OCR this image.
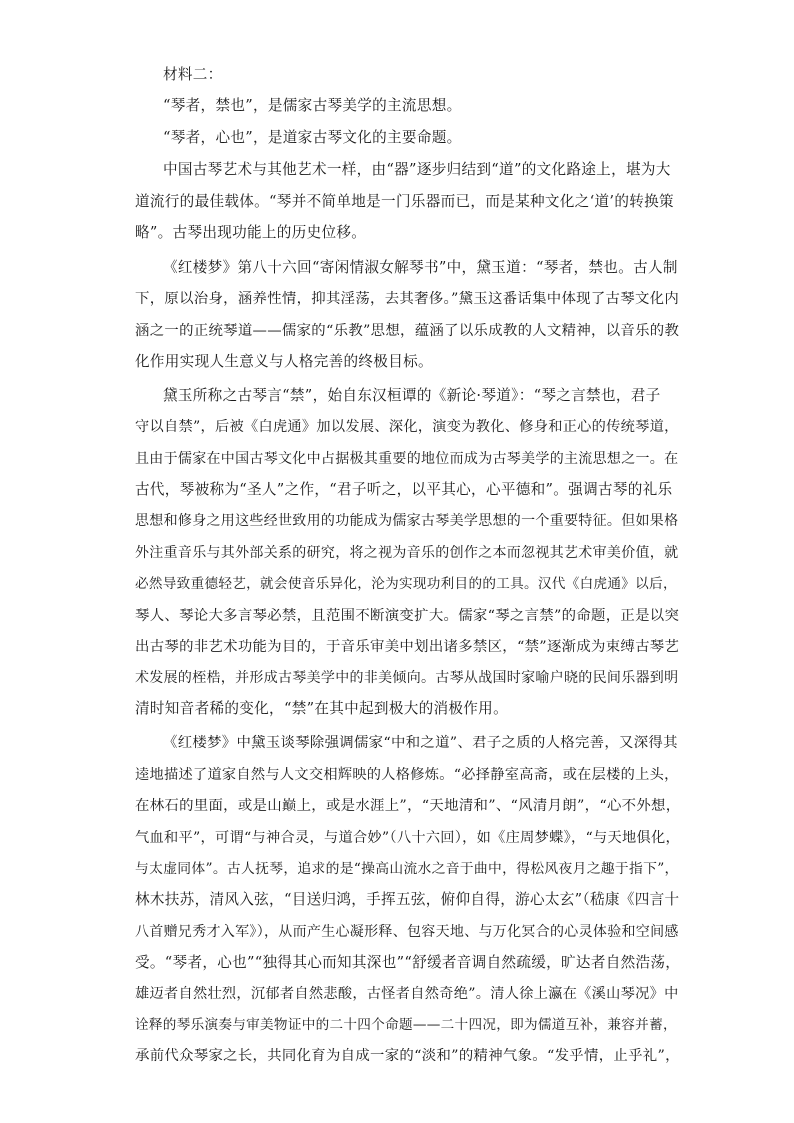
材料二：
“琴者，禁也”，是儒家古琴美学的主流思想。
“琴者，心也”，是道家古琴文化的主要命题。
中国古琴艺术与其他艺术一样，由“器”逐步归结到“道”的文化路途上，堪为大
道流行的最佳载体。“琴并不简单地是一门乐器而已，而是某种文化之‘道’的转换策
略”。古琴出现功能上的历史位移。
《红楼梦》第八十六回“寄闲情淑女解琴书”中，黛玉道：“琴者，禁也。古人制
下，原以治身，涵养性情，抑其淫荡，去其奢侈。”黛玉这番话集中体现了古琴文化内
涵之一的正统琴道——儒家的“乐教”思想，蕴涵了以乐成教的人文精神，以音乐的教
化作用实现人生意义与人格完善的终极目标。
黛玉所称之古琴言“禁”，始自东汉桓谭的《新论·琴道》：“琴之言禁也，君子
守以自禁”，后被《白虎通》加以发展、深化，演变为教化、修身和正心的传统琴道，
且由于儒家在中国古琴文化中占据极其重要的地位而成为古琴美学的主流思想之一。在
古代，琴被称为“圣人”之作，“君子听之，以平其心，心平德和”。强调古琴的礼乐
思想和修身之用这些经世致用的功能成为儒家古琴美学思想的一个重要特征。但如果格
外注重音乐与其外部关系的研究，将之视为音乐的创作之本而忽视其艺术审美价值，就
必然导致重德轻艺，就会使音乐异化，沦为实现功利目的的工具。汉代《白虎通》以后，
琴人、琴论大多言琴必禁，且范围不断演变扩大。儒家“琴之言禁”的命题，正是以突
出古琴的非艺术功能为目的，于音乐审美中划出诸多禁区，“禁”逐渐成为束缚古琴艺
术发展的桎梏，并形成古琴美学中的非美倾向。古琴从战国时家喻户晓的民间乐器到明
清时知音者稀的变化，“禁”在其中起到极大的消极作用。
《红楼梦》中黛玉谈琴除强调儒家“中和之道”、君子之质的人格完善，又深得其
逵地描述了道家自然与人文交相辉映的人格修炼。“必择静室高斋，或在层楼的上头，
在林石的里面，或是山巅上，或是水涯上”，“天地清和”、“风清月朗”，“心不外想，
气血和平”，可谓“与神合灵，与道合妙”（八十六回），如《庄周梦蝶》，“与天地俱化，
与太虚同体”。古人抚琴，追求的是“操高山流水之音于曲中，得松风夜月之趣于指下”，
林木扶苏，清风入弦，“目送归鸿，手挥五弦，俯仰自得，游心太玄”（嵇康《四言十
八首赠兄秀才入军》），从而产生心凝形释、包容天地、与万化冥合的心灵体验和空间感
受。“琴者，心也”“独得其心而知其深也”“舒缓者音调自然疏缓，旷达者自然浩荡，
雄迈者自然壮烈，沉郁者自然悲酸，古怪者自然奇绝”。清人徐上瀛在《溪山琴况》中
诠释的琴乐演奏与审美物证中的二十四个命题——二十四况，即为儒道互补，兼容并蓄，
承前代众琴家之长，共同化育为自成一家的“淡和”的精神气象。“发乎情，止乎礼”，
